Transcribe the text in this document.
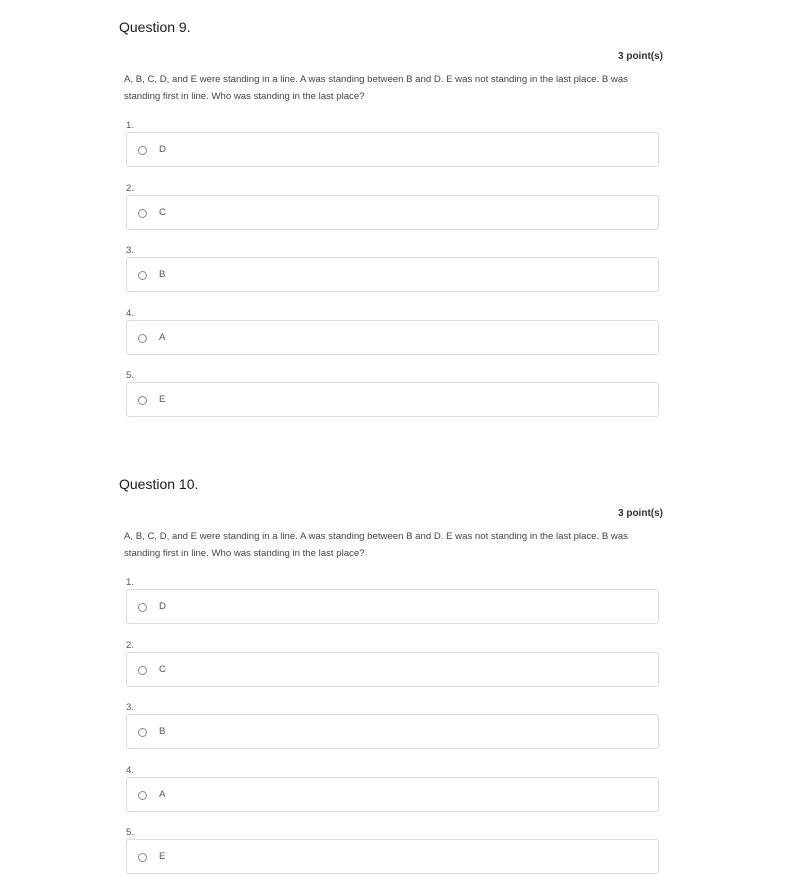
Question 9.
3 point(s)
A, B, C, D, and E were standing in a line. A was standing between B and D. E was not standing in the last place. B was standing first in line. Who was standing in the last place?
1.
D
2.
C
3.
B
4.
A
5.
E
Question 10.
3 point(s)
A, B, C, D, and E were standing in a line. A was standing between B and D. E was not standing in the last place. B was standing first in line. Who was standing in the last place?
1.
D
2.
C
3.
B
4.
A
5.
E
